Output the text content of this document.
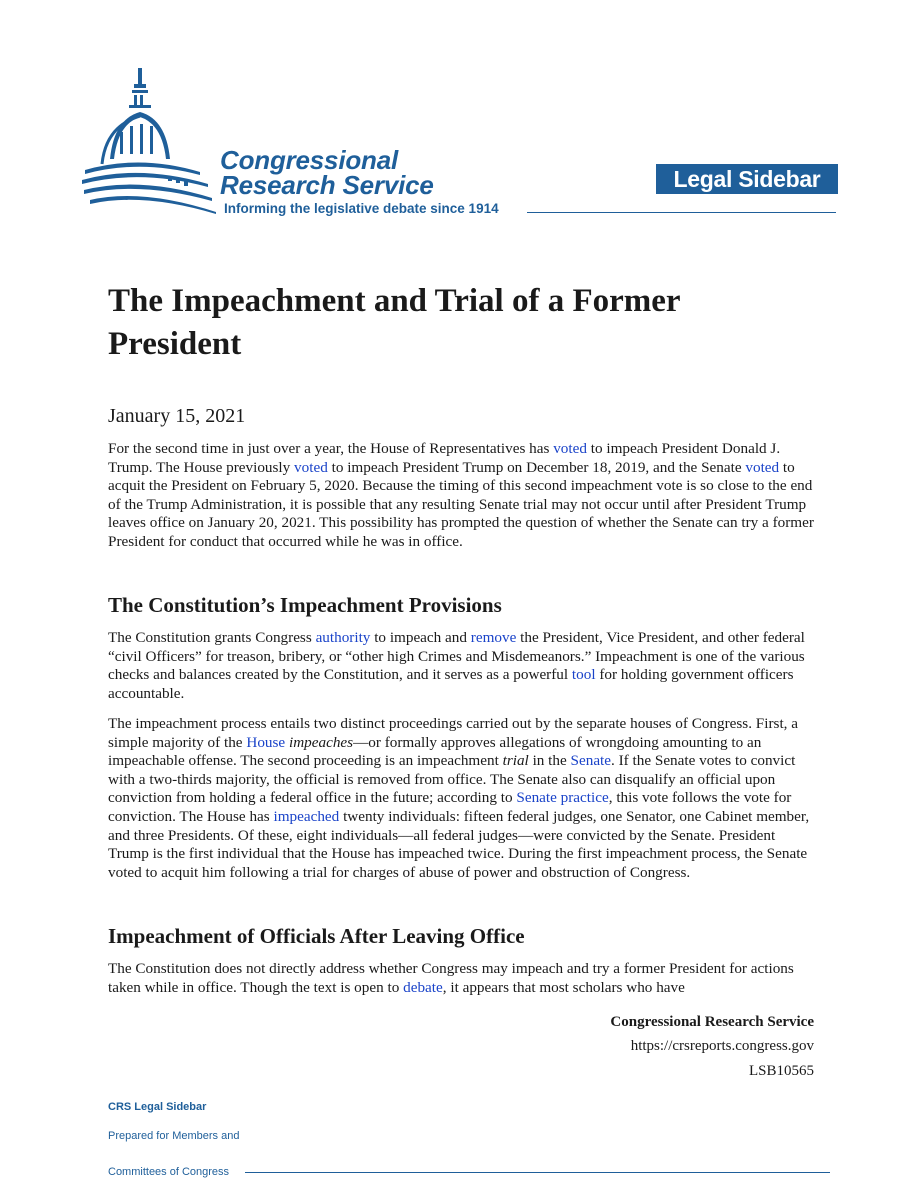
Congressional
Research Service
Informing the legislative debate since 1914
Legal Sidebar
The Impeachment and Trial of a Former President
January 15, 2021

For the second time in just over a year, the House of Representatives has voted to impeach President Donald J. Trump. The House previously voted to impeach President Trump on December 18, 2019, and the Senate voted to acquit the President on February 5, 2020. Because the timing of this second impeachment vote is so close to the end of the Trump Administration, it is possible that any resulting Senate trial may not occur until after President Trump leaves office on January 20, 2021. This possibility has prompted the question of whether the Senate can try a former President for conduct that occurred while he was in office.

The Constitution’s Impeachment Provisions

The Constitution grants Congress authority to impeach and remove the President, Vice President, and other federal “civil Officers” for treason, bribery, or “other high Crimes and Misdemeanors.” Impeachment is one of the various checks and balances created by the Constitution, and it serves as a powerful tool for holding government officers accountable.

The impeachment process entails two distinct proceedings carried out by the separate houses of Congress. First, a simple majority of the House impeaches—or formally approves allegations of wrongdoing amounting to an impeachable offense. The second proceeding is an impeachment trial in the Senate. If the Senate votes to convict with a two-thirds majority, the official is removed from office. The Senate also can disqualify an official upon conviction from holding a federal office in the future; according to Senate practice, this vote follows the vote for conviction. The House has impeached twenty individuals: fifteen federal judges, one Senator, one Cabinet member, and three Presidents. Of these, eight individuals—all federal judges—were convicted by the Senate. President Trump is the first individual that the House has impeached twice. During the first impeachment process, the Senate voted to acquit him following a trial for charges of abuse of power and obstruction of Congress.

Impeachment of Officials After Leaving Office

The Constitution does not directly address whether Congress may impeach and try a former President for actions taken while in office. Though the text is open to debate, it appears that most scholars who have

Congressional Research Service
https://crsreports.congress.gov
LSB10565
CRS Legal Sidebar
Prepared for Members and
Committees of Congress
